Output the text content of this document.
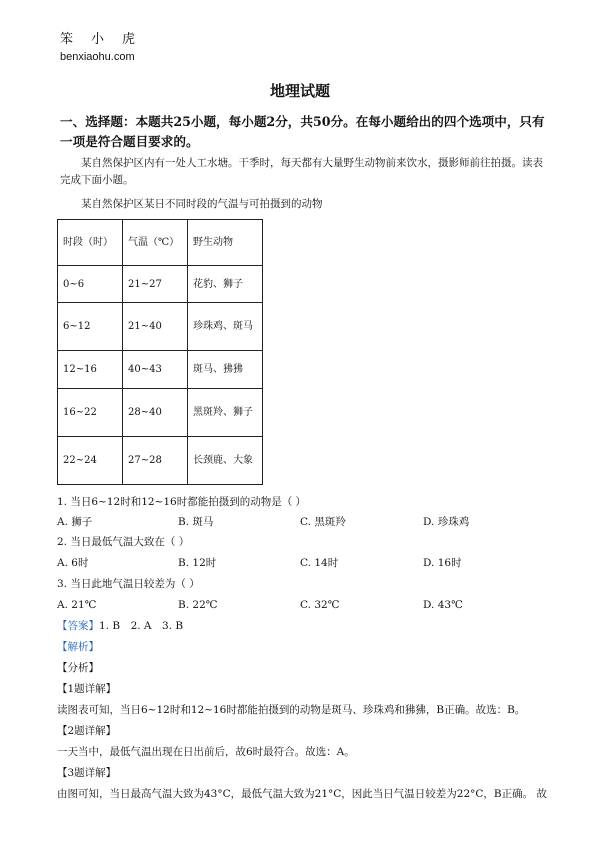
笨小虎
benxiaohu.com
地理试题
一、选择题：本题共25小题，每小题2分，共50分。在每小题给出的四个选项中，只有一项是符合题目要求的。
某自然保护区内有一处人工水塘。干季时，每天都有大量野生动物前来饮水，摄影师前往拍摄。读表完成下面小题。
某自然保护区某日不同时段的气温与可拍摄到的动物
时段（时）	气温（℃）	野生动物
0~6	21~27	花豹、狮子
6~12	21~40	珍珠鸡、斑马
12~16	40~43	斑马、狒狒
16~22	28~40	黑斑羚、狮子
22~24	27~28	长颈鹿、大象
1. 当日6~12时和12~16时都能拍摄到的动物是（ ）
A. 狮子	B. 斑马	C. 黑斑羚	D. 珍珠鸡
2. 当日最低气温大致在（ ）
A. 6时	B. 12时	C. 14时	D. 16时
3. 当日此地气温日较差为（ ）
A. 21℃	B. 22℃	C. 32℃	D. 43℃
【答案】1. B　2. A　3. B
【解析】
【分析】
【1题详解】
读图表可知，当日6~12时和12~16时都能拍摄到的动物是斑马、珍珠鸡和狒狒，B正确。故选：B。
【2题详解】
一天当中，最低气温出现在日出前后，故6时最符合。故选：A。
【3题详解】
由图可知，当日最高气温大致为43°C，最低气温大致为21°C，因此当日气温日较差为22°C，B正确。 故
